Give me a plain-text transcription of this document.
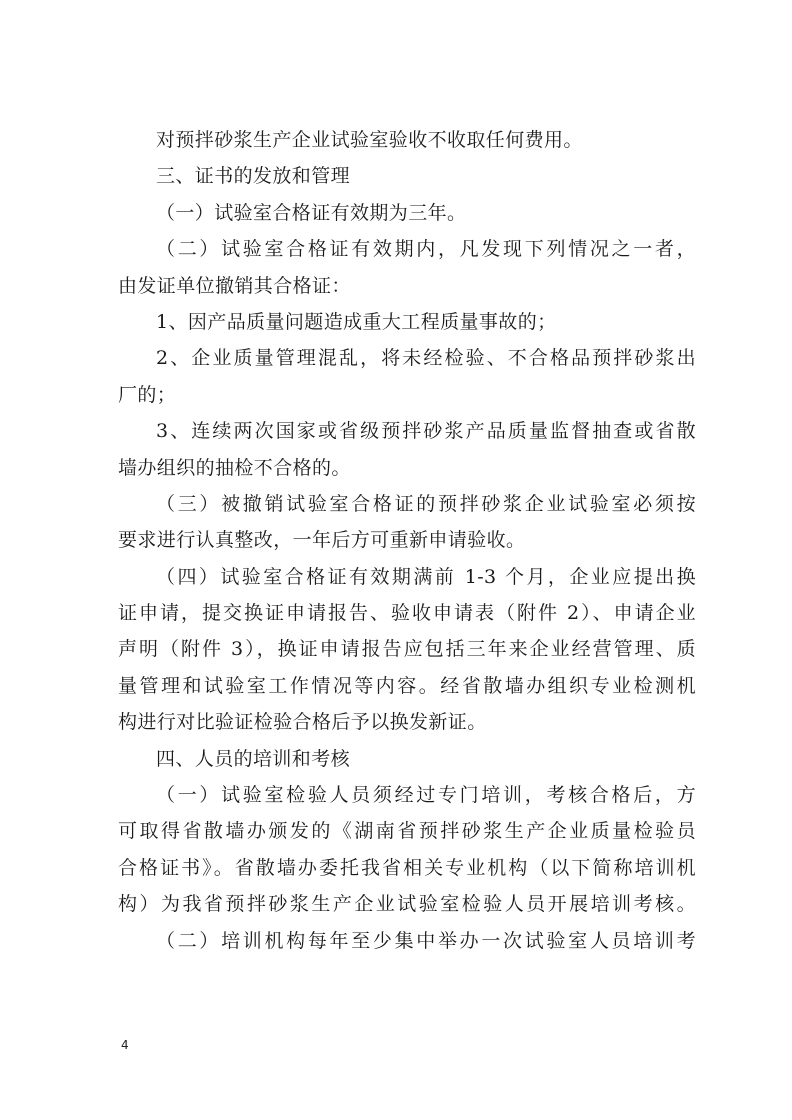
对预拌砂浆生产企业试验室验收不收取任何费用。
三、证书的发放和管理
（一）试验室合格证有效期为三年。
（二）试验室合格证有效期内，凡发现下列情况之一者，
由发证单位撤销其合格证：
1、因产品质量问题造成重大工程质量事故的；
2、企业质量管理混乱，将未经检验、不合格品预拌砂浆出
厂的；
3、连续两次国家或省级预拌砂浆产品质量监督抽查或省散
墙办组织的抽检不合格的。
（三）被撤销试验室合格证的预拌砂浆企业试验室必须按
要求进行认真整改，一年后方可重新申请验收。
（四）试验室合格证有效期满前 1-3 个月，企业应提出换
证申请，提交换证申请报告、验收申请表（附件 2）、申请企业
声明（附件 3），换证申请报告应包括三年来企业经营管理、质
量管理和试验室工作情况等内容。经省散墙办组织专业检测机
构进行对比验证检验合格后予以换发新证。
四、人员的培训和考核
（一）试验室检验人员须经过专门培训，考核合格后，方
可取得省散墙办颁发的《湖南省预拌砂浆生产企业质量检验员
合格证书》。省散墙办委托我省相关专业机构（以下简称培训机
构）为我省预拌砂浆生产企业试验室检验人员开展培训考核。
（二）培训机构每年至少集中举办一次试验室人员培训考
4
